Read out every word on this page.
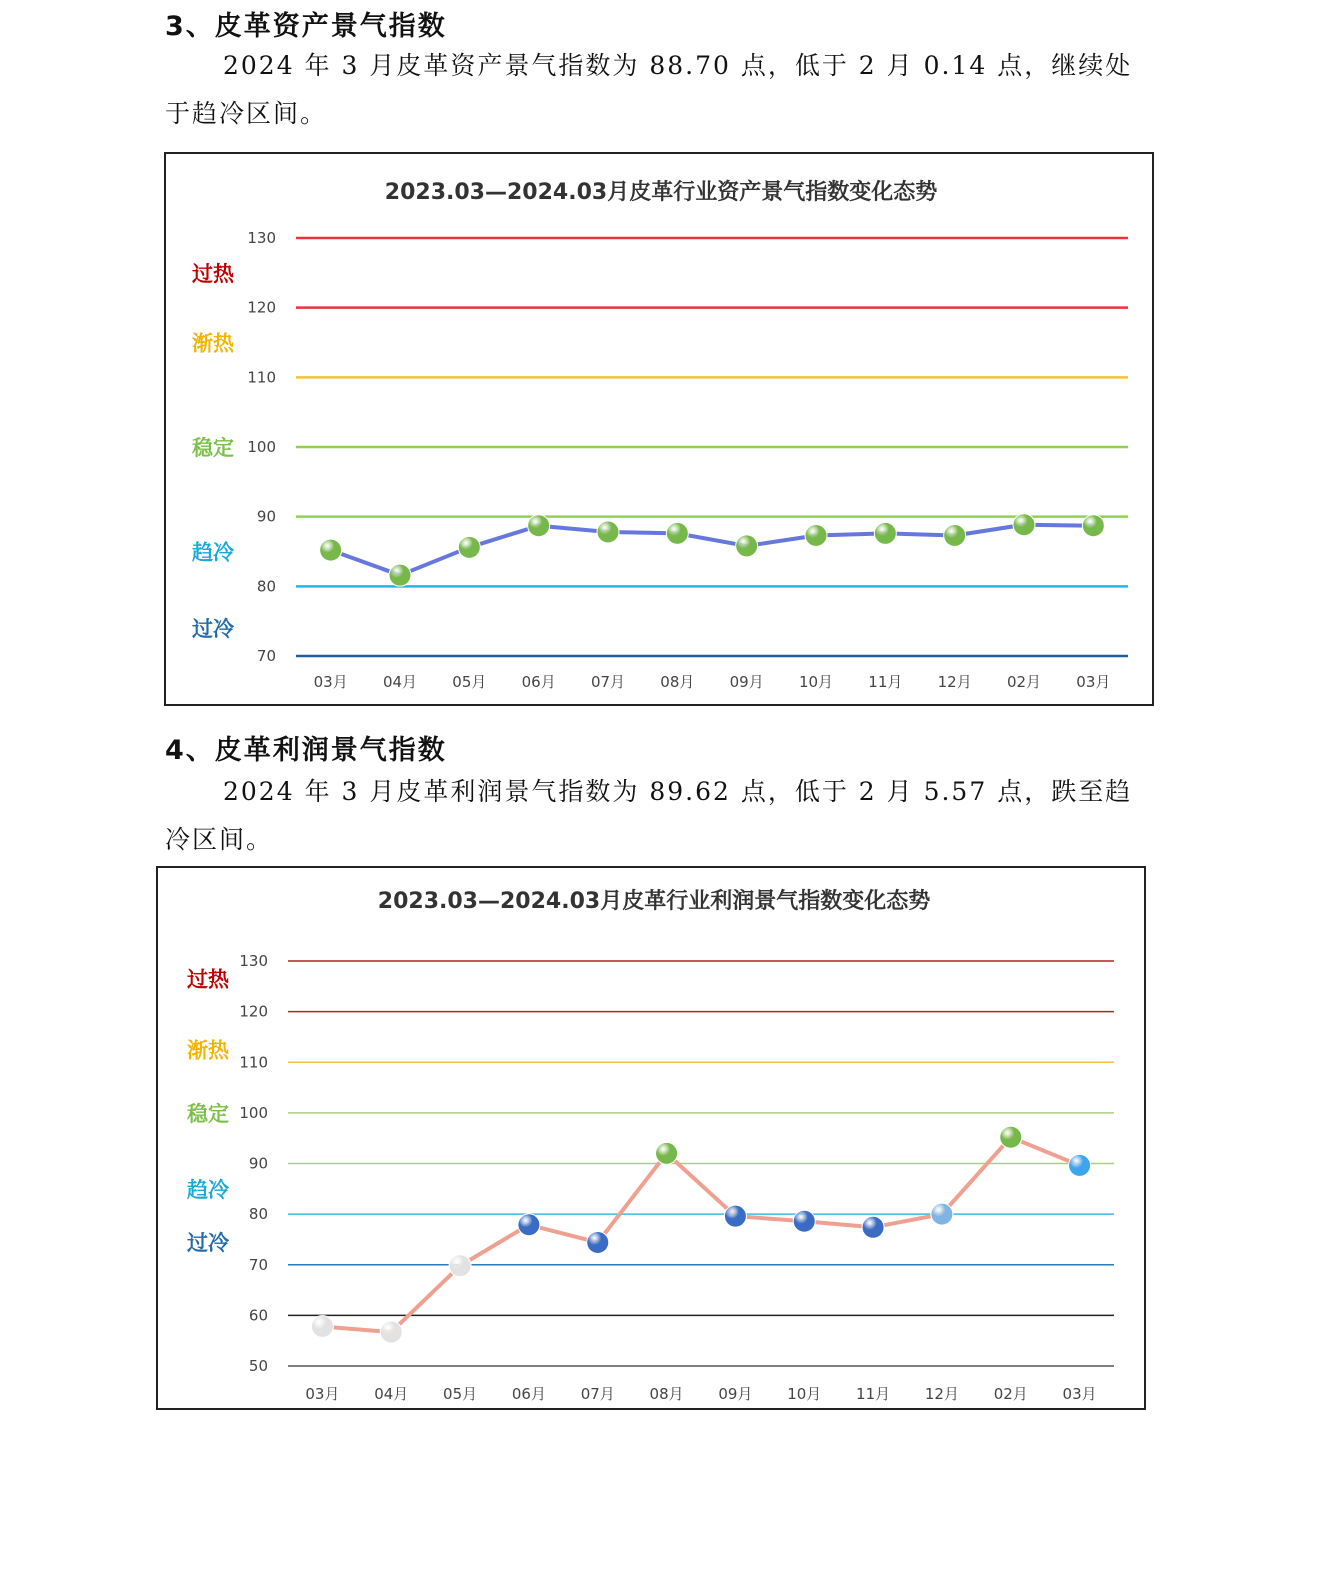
3、皮革资产景气指数
2024 年 3 月皮革资产景气指数为 88.70 点，低于 2 月 0.14 点，继续处于趋冷区间。
2023.03—2024.03月皮革行业资产景气指数变化态势
70
80
90
100
110
120
130
过热
渐热
稳定
趋冷
过冷
03月 04月 05月 06月 07月 08月 09月 10月 11月 12月 02月 03月
4、皮革利润景气指数
2024 年 3 月皮革利润景气指数为 89.62 点，低于 2 月 5.57 点，跌至趋冷区间。
2023.03—2024.03月皮革行业利润景气指数变化态势
50
60
70
80
90
100
110
120
130
过热
渐热
稳定
趋冷
过冷
03月 04月 05月 06月 07月 08月 09月 10月 11月 12月 02月 03月
